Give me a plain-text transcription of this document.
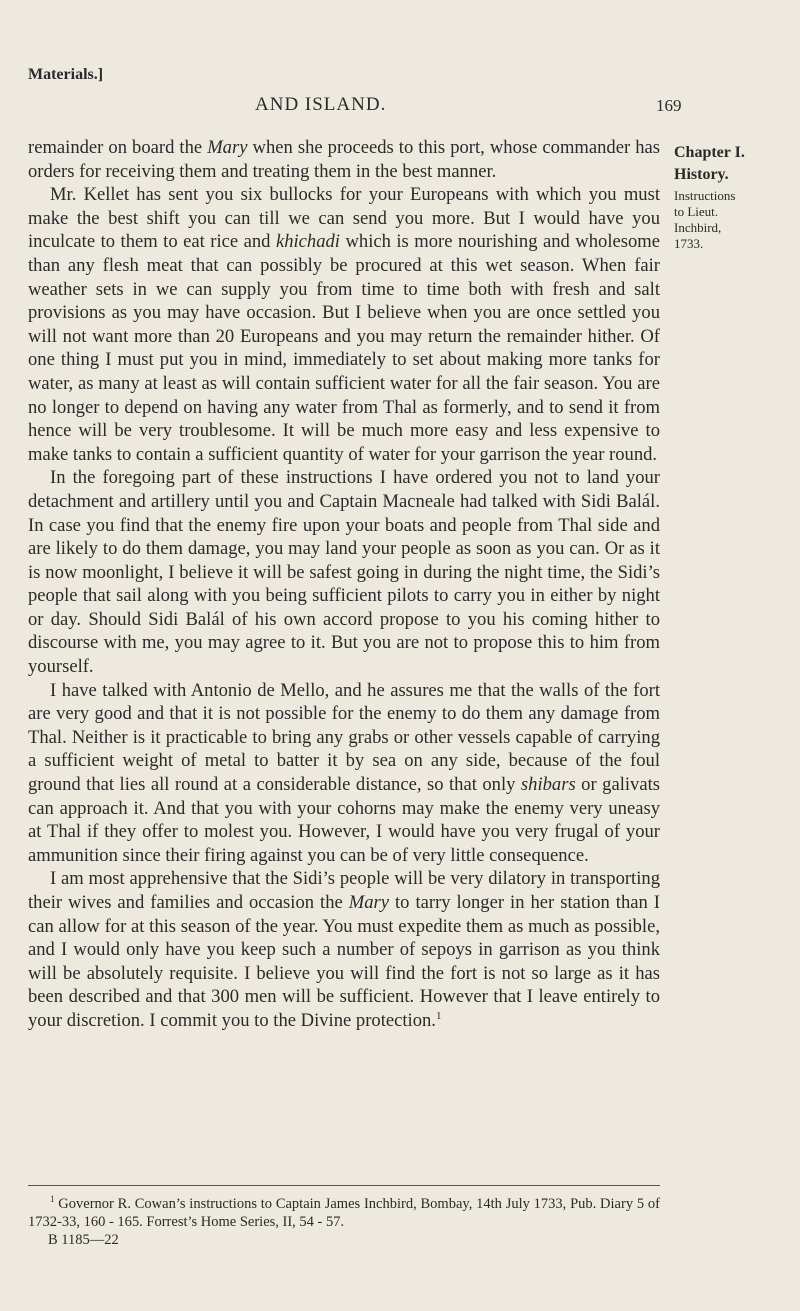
Materials.]
AND ISLAND.	169
Chapter I.
History.
Instructions
to Lieut.
Inchbird,
1733.

remainder on board the Mary when she proceeds to this port, whose commander has orders for receiving them and treating them in the best manner.

Mr. Kellet has sent you six bullocks for your Europeans with which you must make the best shift you can till we can send you more. But I would have you inculcate to them to eat rice and khichadi which is more nourishing and wholesome than any flesh meat that can possibly be procured at this wet season. When fair weather sets in we can supply you from time to time both with fresh and salt provisions as you may have occasion. But I believe when you are once settled you will not want more than 20 Europeans and you may return the remainder hither. Of one thing I must put you in mind, immediately to set about making more tanks for water, as many at least as will contain sufficient water for all the fair season. You are no longer to depend on having any water from Thal as formerly, and to send it from hence will be very troublesome. It will be much more easy and less expensive to make tanks to contain a sufficient quantity of water for your garrison the year round.

In the foregoing part of these instructions I have ordered you not to land your detachment and artillery until you and Captain Macneale had talked with Sidi Balál. In case you find that the enemy fire upon your boats and people from Thal side and are likely to do them damage, you may land your people as soon as you can. Or as it is now moonlight, I believe it will be safest going in during the night time, the Sidi’s people that sail along with you being sufficient pilots to carry you in either by night or day. Should Sidi Balál of his own accord propose to you his coming hither to discourse with me, you may agree to it. But you are not to propose this to him from yourself.

I have talked with Antonio de Mello, and he assures me that the walls of the fort are very good and that it is not possible for the enemy to do them any damage from Thal. Neither is it practicable to bring any grabs or other vessels capable of carrying a sufficient weight of metal to batter it by sea on any side, because of the foul ground that lies all round at a considerable distance, so that only shibars or galivats can approach it. And that you with your cohorns may make the enemy very uneasy at Thal if they offer to molest you. However, I would have you very frugal of your ammunition since their firing against you can be of very little consequence.

I am most apprehensive that the Sidi’s people will be very dilatory in transporting their wives and families and occasion the Mary to tarry longer in her station than I can allow for at this season of the year. You must expedite them as much as possible, and I would only have you keep such a number of sepoys in garrison as you think will be absolutely requisite. I believe you will find the fort is not so large as it has been described and that 300 men will be sufficient. However that I leave entirely to your discretion. I commit you to the Divine protection.$^1$

$^1$ Governor R. Cowan’s instructions to Captain James Inchbird, Bombay, 14th July 1733, Pub. Diary 5 of 1732-33, 160 - 165. Forrest’s Home Series, II, 54 - 57.

B 1185—22
